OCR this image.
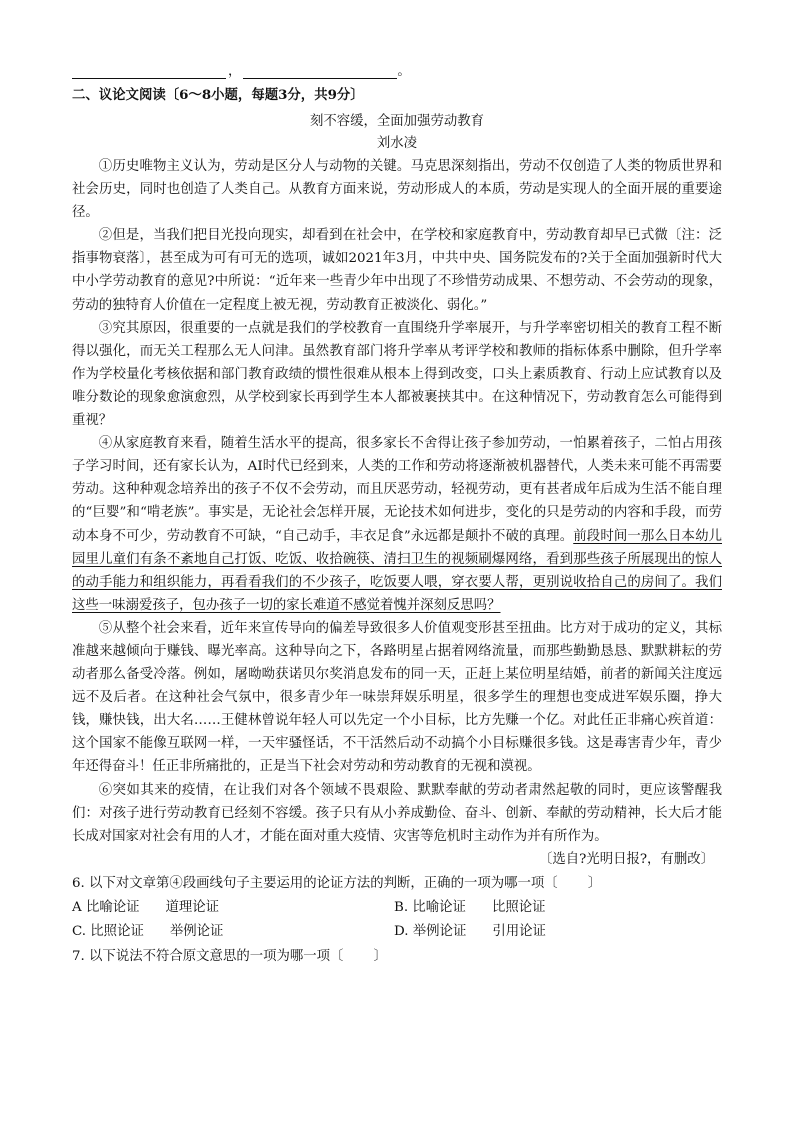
，	。
二、议论文阅读〔6～8小题，每题3分，共9分〕
刻不容缓，全面加强劳动教育
刘水凌

①历史唯物主义认为，劳动是区分人与动物的关键。马克思深刻指出，劳动不仅创造了人类的物质世界和社会历史，同时也创造了人类自己。从教育方面来说，劳动形成人的本质，劳动是实现人的全面开展的重要途径。

②但是，当我们把目光投向现实，却看到在社会中，在学校和家庭教育中，劳动教育却早已式微〔注：泛指事物衰落〕，甚至成为可有可无的选项，诚如2021年3月，中共中央、国务院发布的?关于全面加强新时代大中小学劳动教育的意见?中所说：“近年来一些青少年中出现了不珍惜劳动成果、不想劳动、不会劳动的现象，劳动的独特育人价值在一定程度上被无视，劳动教育正被淡化、弱化。”

③究其原因，很重要的一点就是我们的学校教育一直围绕升学率展开，与升学率密切相关的教育工程不断得以强化，而无关工程那么无人问津。虽然教育部门将升学率从考评学校和教师的指标体系中删除，但升学率作为学校量化考核依据和部门教育政绩的惯性很难从根本上得到改变，口头上素质教育、行动上应试教育以及唯分数论的现象愈演愈烈，从学校到家长再到学生本人都被裹挟其中。在这种情况下，劳动教育怎么可能得到重视？

④从家庭教育来看，随着生活水平的提高，很多家长不舍得让孩子参加劳动，一怕累着孩子，二怕占用孩子学习时间，还有家长认为，AI时代已经到来，人类的工作和劳动将逐渐被机器替代，人类未来可能不再需要劳动。这种种观念培养出的孩子不仅不会劳动，而且厌恶劳动，轻视劳动，更有甚者成年后成为生活不能自理的“巨婴”和“啃老族”。事实是，无论社会怎样开展，无论技术如何进步，变化的只是劳动的内容和手段，而劳动本身不可少，劳动教育不可缺，“自己动手，丰衣足食”永远都是颠扑不破的真理。前段时间一那么日本幼儿园里儿童们有条不紊地自己打饭、吃饭、收拾碗筷、清扫卫生的视频刷爆网络，看到那些孩子所展现出的惊人的动手能力和组织能力，再看看我们的不少孩子，吃饭要人喂，穿衣要人帮，更别说收拾自己的房间了。我们这些一味溺爱孩子，包办孩子一切的家长难道不感觉着愧并深刻反思吗？

⑤从整个社会来看，近年来宣传导向的偏差导致很多人价值观变形甚至扭曲。比方对于成功的定义，其标准越来越倾向于赚钱、曝光率高。这种导向之下，各路明星占据着网络流量，而那些勤勤恳恳、默默耕耘的劳动者那么备受冷落。例如，屠呦呦获诺贝尔奖消息发布的同一天，正赶上某位明星结婚，前者的新闻关注度远远不及后者。在这种社会气氛中，很多青少年一味崇拜娱乐明星，很多学生的理想也变成进军娱乐圈，挣大钱，赚快钱，出大名……王健林曾说年轻人可以先定一个小目标，比方先赚一个亿。对此任正非痛心疾首道：这个国家不能像互联网一样，一天牢骚怪话，不干活然后动不动搞个小目标赚很多钱。这是毒害青少年，青少年还得奋斗！任正非所痛批的，正是当下社会对劳动和劳动教育的无视和漠视。

⑥突如其来的疫情，在让我们对各个领域不畏艰险、默默奉献的劳动者肃然起敬的同时，更应该警醒我们：对孩子进行劳动教育已经刻不容缓。孩子只有从小养成勤俭、奋斗、创新、奉献的劳动精神，长大后才能长成对国家对社会有用的人才，才能在面对重大疫情、灾害等危机时主动作为并有所作为。

〔选自?光明日报?，有删改〕
6. 以下对文章第④段画线句子主要运用的论证方法的判断，正确的一项为哪一项〔 〕
A 比喻论证 道理论证	B. 比喻论证 比照论证
C. 比照论证 举例论证	D. 举例论证 引用论证
7. 以下说法不符合原文意思的一项为哪一项〔 〕
